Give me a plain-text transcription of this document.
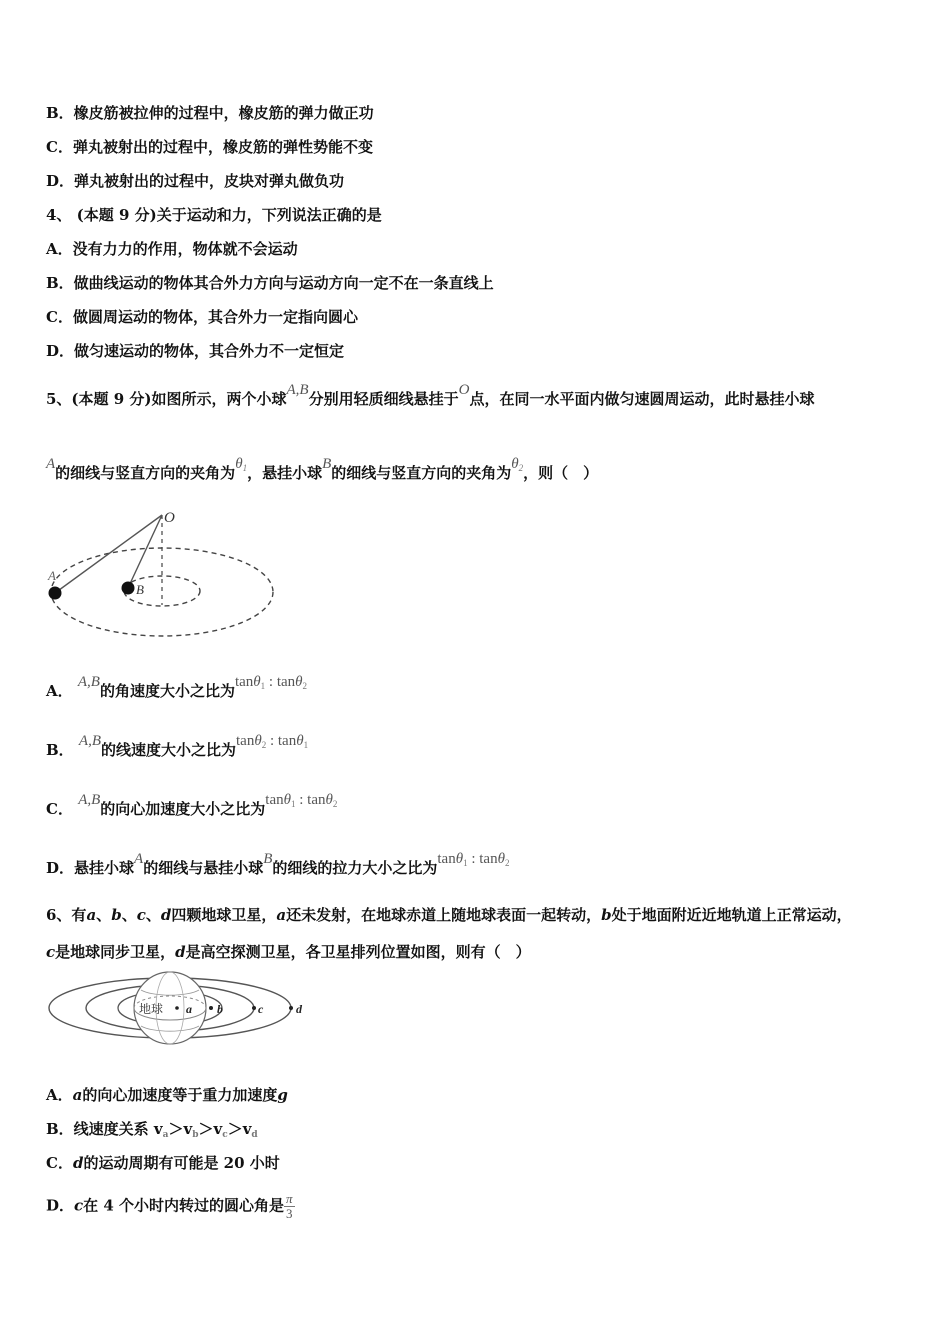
B．橡皮筋被拉伸的过程中，橡皮筋的弹力做正功
C．弹丸被射出的过程中，橡皮筋的弹性势能不变
D．弹丸被射出的过程中，皮块对弹丸做负功
4、 (本题 9 分)关于运动和力，下列说法正确的是
A．没有力力的作用，物体就不会运动
B．做曲线运动的物体其合外力方向与运动方向一定不在一条直线上
C．做圆周运动的物体，其合外力一定指向圆心
D．做匀速运动的物体，其合外力不一定恒定
5、(本题 9 分)如图所示，两个小球A,B分别用轻质细线悬挂于O点，在同一水平面内做匀速圆周运动，此时悬挂小球
A的细线与竖直方向的夹角为$\theta_1$，悬挂小球B的细线与竖直方向的夹角为$\theta_2$，则（　）
O
A
B
A． A,B的角速度大小之比为tanθ$_1$ : tanθ$_2$
B． A,B的线速度大小之比为tanθ$_2$ : tanθ$_1$
C． A,B的向心加速度大小之比为tanθ$_1$ : tanθ$_2$
D．悬挂小球A的细线与悬挂小球B的细线的拉力大小之比为tanθ$_1$ : tanθ$_2$
6、有a、b、c、d四颗地球卫星，a还未发射，在地球赤道上随地球表面一起转动，b处于地面附近近地轨道上正常运动，
c是地球同步卫星，d是高空探测卫星，各卫星排列位置如图，则有（　）
地球 a b	c	d
A．a的向心加速度等于重力加速度g
B．线速度关系 $v_a>v_b>v_c>v_d$
C．d的运动周期有可能是 20 小时
D．c在 4 个小时内转过的圆心角是 $\frac{\pi}{3}$
